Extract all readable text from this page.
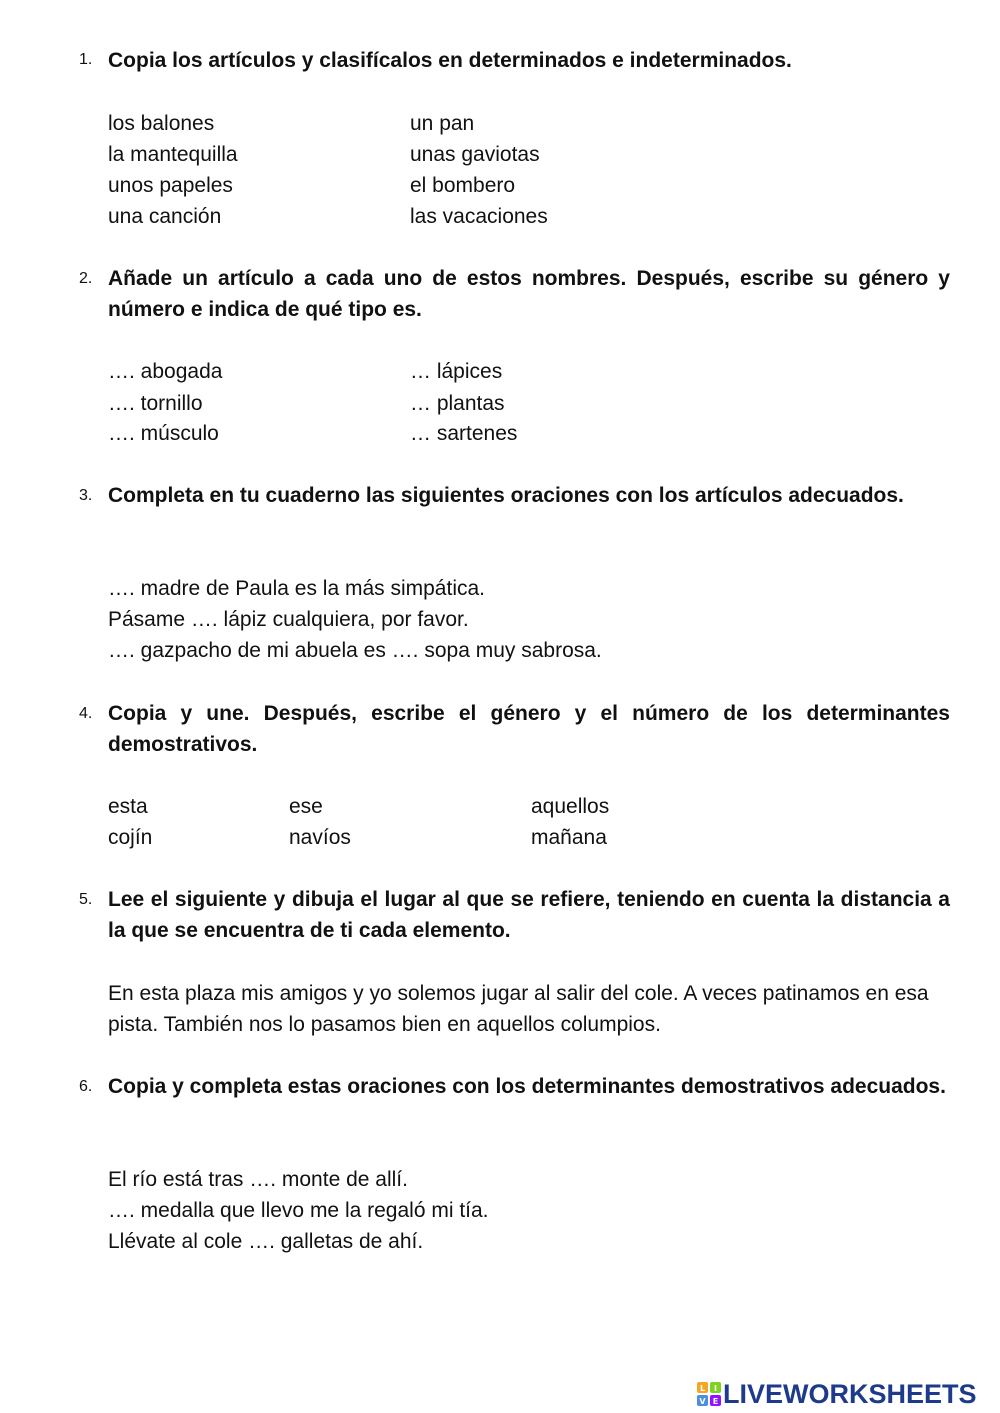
1. Copia los artículos y clasifícalos en determinados e indeterminados.
los balones	un pan
la mantequilla	unas gaviotas
unos papeles	el bombero
una canción	las vacaciones
2. Añade un artículo a cada uno de estos nombres. Después, escribe su género y número e indica de qué tipo es.
…. abogada	… lápices
…. tornillo	… plantas
…. músculo	… sartenes
3. Completa en tu cuaderno las siguientes oraciones con los artículos adecuados.
…. madre de Paula es la más simpática.
Pásame …. lápiz cualquiera, por favor.
…. gazpacho de mi abuela es …. sopa muy sabrosa.
4. Copia y une. Después, escribe el género y el número de los determinantes demostrativos.
esta	ese	aquellos
cojín	navíos	mañana
5. Lee el siguiente y dibuja el lugar al que se refiere, teniendo en cuenta la distancia a la que se encuentra de ti cada elemento.
En esta plaza mis amigos y yo solemos jugar al salir del cole. A veces patinamos en esa pista. También nos lo pasamos bien en aquellos columpios.
6. Copia y completa estas oraciones con los determinantes demostrativos adecuados.
El río está tras …. monte de allí.
…. medalla que llevo me la regaló mi tía.
Llévate al cole …. galletas de ahí.
L I
V E LIVEWORKSHEETS
